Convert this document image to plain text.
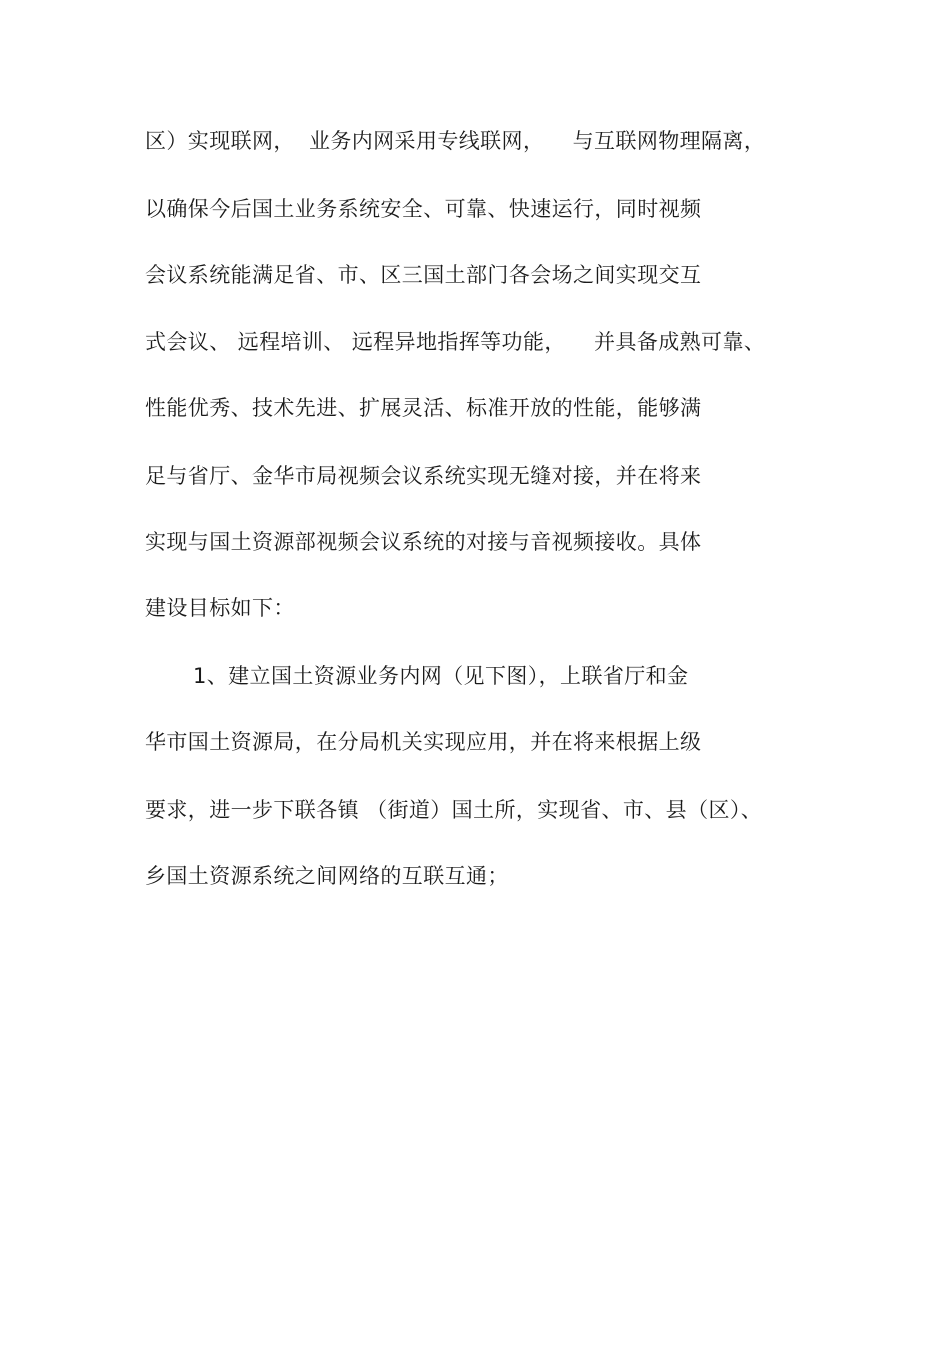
区）实现联网，  业务内网采用专线联网，    与互联网物理隔离，
以确保今后国土业务系统安全、可靠、快速运行，同时视频
会议系统能满足省、市、区三国土部门各会场之间实现交互
式会议、 远程培训、 远程异地指挥等功能，    并具备成熟可靠、
性能优秀、技术先进、扩展灵活、标准开放的性能，能够满
足与省厅、金华市局视频会议系统实现无缝对接，并在将来
实现与国土资源部视频会议系统的对接与音视频接收。具体
建设目标如下：
1、建立国土资源业务内网（见下图），上联省厅和金
华市国土资源局，在分局机关实现应用，并在将来根据上级
要求，进一步下联各镇 （街道）国土所，实现省、市、县（区）、
乡国土资源系统之间网络的互联互通；
